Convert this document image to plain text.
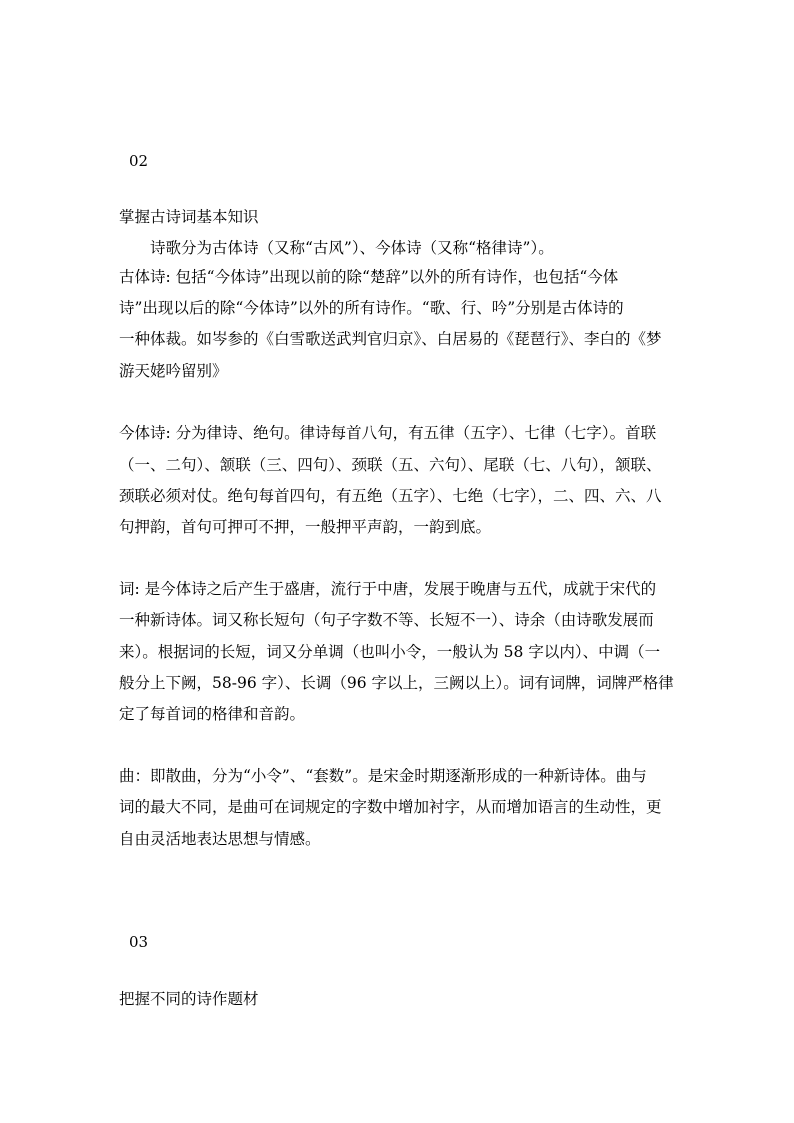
02
掌握古诗词基本知识
诗歌分为古体诗（又称“古风”）、今体诗（又称“格律诗”）。
古体诗: 包括“今体诗”出现以前的除“楚辞”以外的所有诗作，也包括“今体
诗”出现以后的除“今体诗”以外的所有诗作。“歌、行、吟”分别是古体诗的
一种体裁。如岑参的《白雪歌送武判官归京》、白居易的《琵琶行》、李白的《梦
游天姥吟留别》
今体诗: 分为律诗、绝句。律诗每首八句，有五律（五字）、七律（七字）。首联
（一、二句）、颔联（三、四句）、颈联（五、六句）、尾联（七、八句），颔联、
颈联必须对仗。绝句每首四句，有五绝（五字）、七绝（七字），二、四、六、八
句押韵，首句可押可不押，一般押平声韵，一韵到底。
词: 是今体诗之后产生于盛唐，流行于中唐，发展于晚唐与五代，成就于宋代的
一种新诗体。词又称长短句（句子字数不等、长短不一）、诗余（由诗歌发展而
来）。根据词的长短，词又分单调（也叫小令，一般认为 58 字以内）、中调（一
般分上下阙，58-96 字）、长调（96 字以上，三阙以上）。词有词牌，词牌严格律
定了每首词的格律和音韵。
曲：即散曲，分为“小令”、“套数”。是宋金时期逐渐形成的一种新诗体。曲与
词的最大不同，是曲可在词规定的字数中增加衬字，从而增加语言的生动性，更
自由灵活地表达思想与情感。
03
把握不同的诗作题材
